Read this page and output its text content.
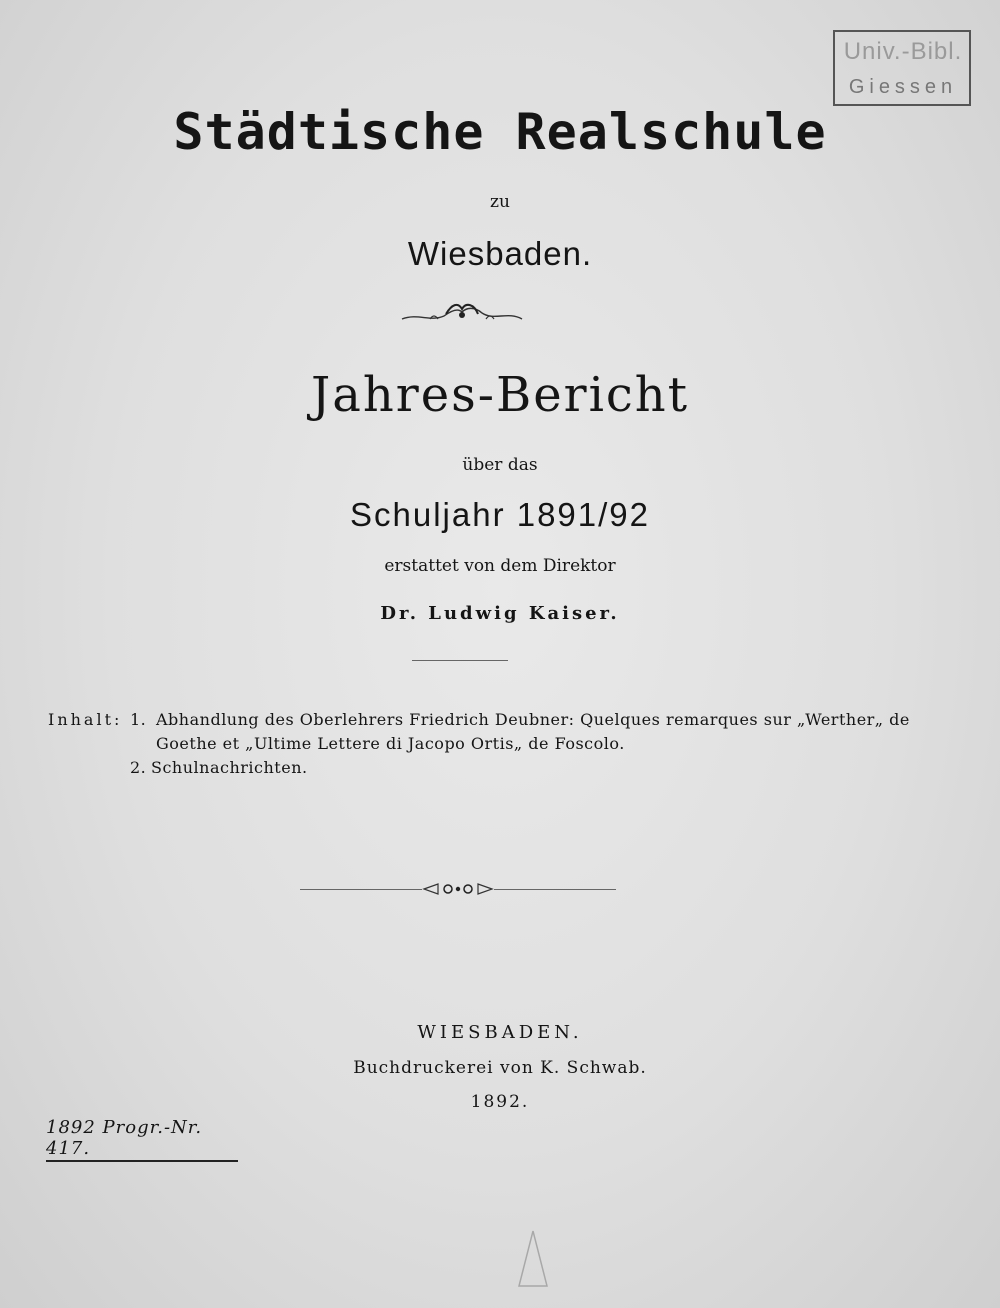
Univ.-Bibl.
Giessen
Städtische Realschule
zu
Wiesbaden.
Jahres-Bericht
über das
Schuljahr 1891/92
erstattet von dem Direktor
Dr. Ludwig Kaiser.
Inhalt: 1. Abhandlung des Oberlehrers Friedrich Deubner: Quelques remarques sur „Werther„ de
Goethe et „Ultime Lettere di Jacopo Ortis„ de Foscolo.
2. Schulnachrichten.
WIESBADEN.
Buchdruckerei von K. Schwab.
1892.
1892 Progr.-Nr. 417.
